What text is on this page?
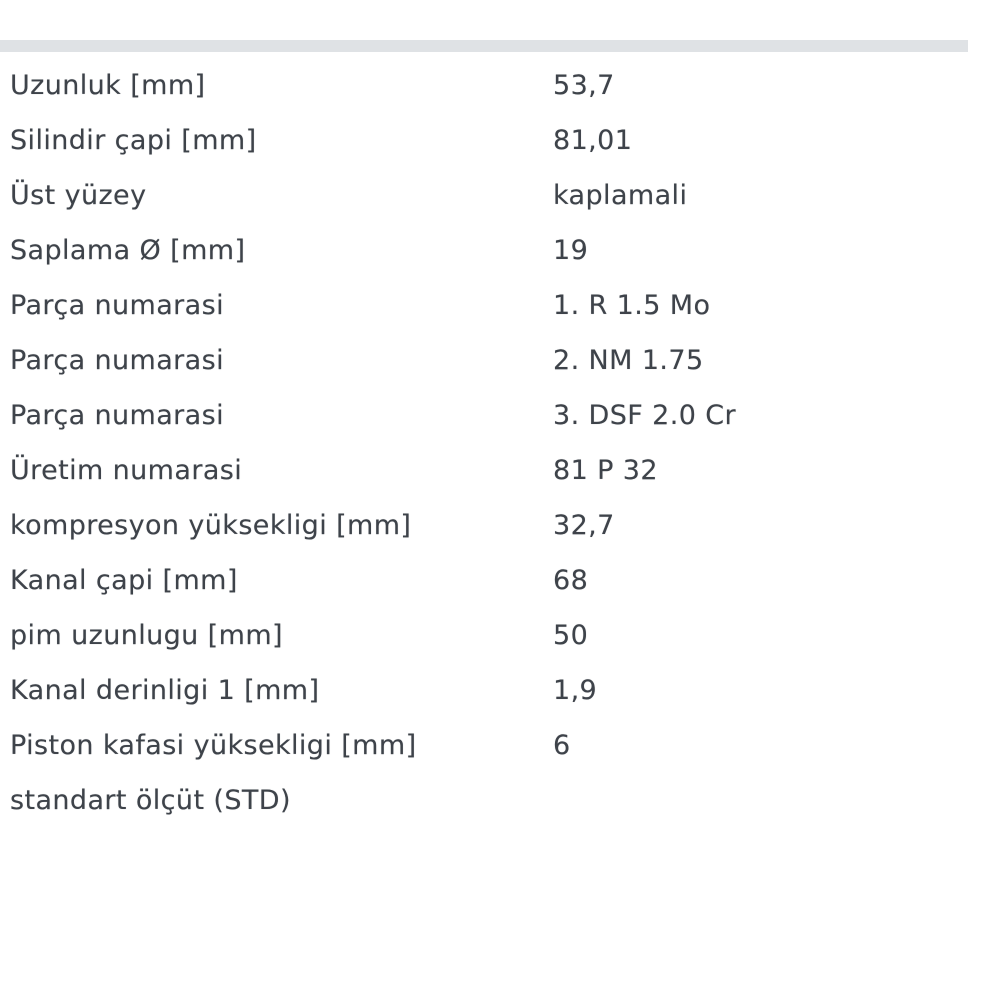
Uzunluk [mm]	53,7
Silindir çapi [mm]	81,01
Üst yüzey	kaplamali
Saplama Ø [mm]	19
Parça numarasi	1. R 1.5 Mo
Parça numarasi	2. NM 1.75
Parça numarasi	3. DSF 2.0 Cr
Üretim numarasi	81 P 32
kompresyon yüksekligi [mm]	32,7
Kanal çapi [mm]	68
pim uzunlugu [mm]	50
Kanal derinligi 1 [mm]	1,9
Piston kafasi yüksekligi [mm]	6
standart ölçüt (STD)
